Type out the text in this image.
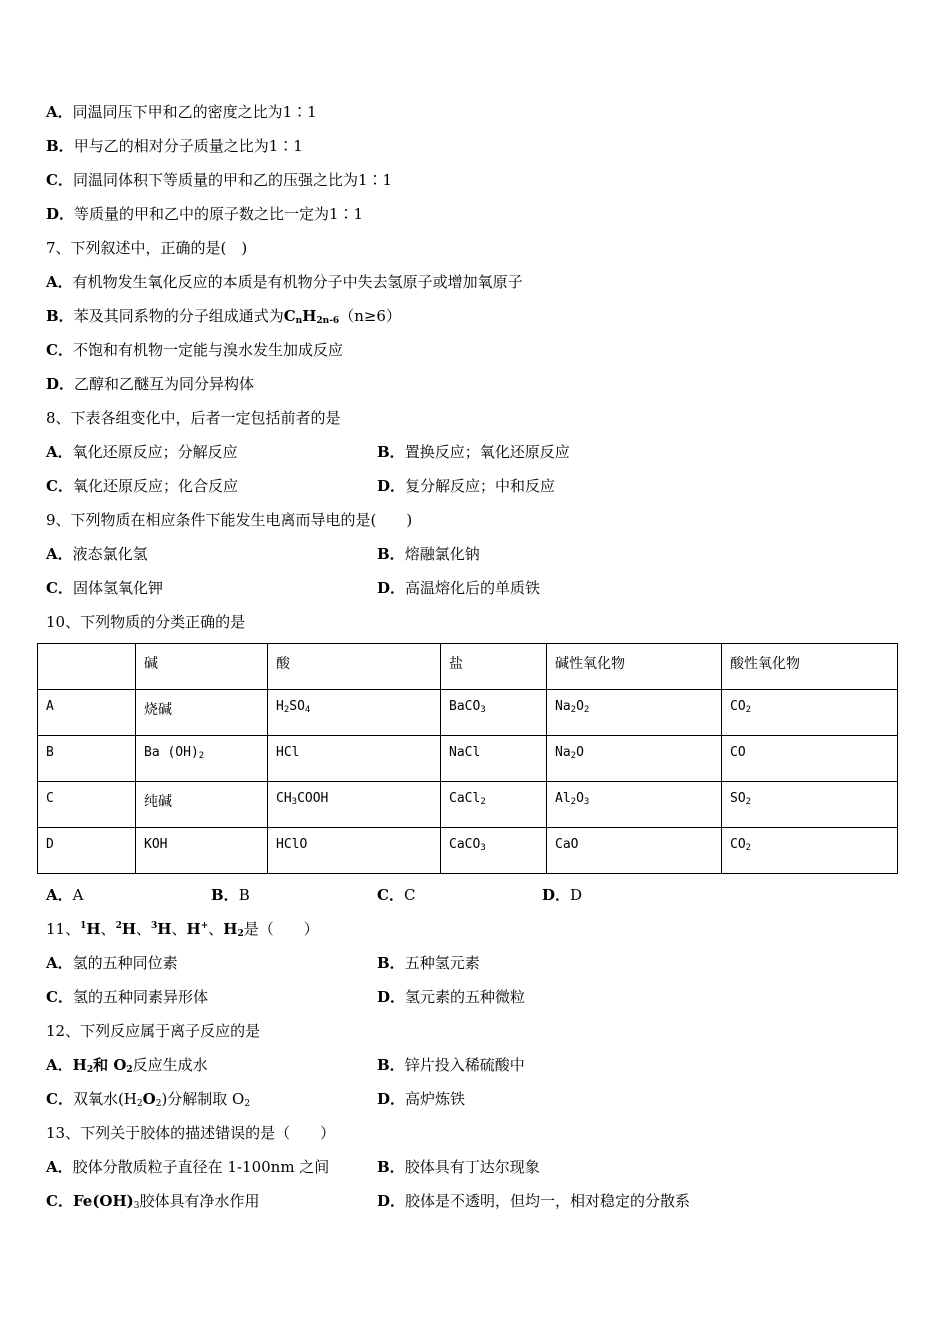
A．同温同压下甲和乙的密度之比为1∶1
B．甲与乙的相对分子质量之比为1∶1
C．同温同体积下等质量的甲和乙的压强之比为1∶1
D．等质量的甲和乙中的原子数之比一定为1∶1
7、下列叙述中，正确的是(　)
A．有机物发生氧化反应的本质是有机物分子中失去氢原子或增加氧原子
B．苯及其同系物的分子组成通式为$C_nH_{2n-6}(n\ge 6)$
C．不饱和有机物一定能与溴水发生加成反应
D．乙醇和乙醚互为同分异构体
8、下表各组变化中，后者一定包括前者的是
A．氧化还原反应；分解反应	B．置换反应；氧化还原反应
C．氧化还原反应；化合反应	D．复分解反应；中和反应
9、下列物质在相应条件下能发生电离而导电的是(　　)
A．液态氯化氢	B．熔融氯化钠
C．固体氢氧化钾	D．高温熔化后的单质铁
10、下列物质的分类正确的是
	碱	酸	盐	碱性氧化物	酸性氧化物
A	烧碱	$H_2SO_4$	BaCO$_3$	$Na_2O_2$	$CO_2$
B	Ba $(OH)_2$	HCl	NaCl	$Na_2O$	CO
C	纯碱	$CH_3COOH$	CaCl$_2$	$Al_2O_3$	$SO_2$
D	KOH	HClO	CaCO$_3$	CaO	$CO_2$
A．A	B．B	C．C	D．D
11、$^1$H、$^2$H、$^3$H、H+、$H_2$是（　　）
A．氢的五种同位素	B．五种氢元素
C．氢的五种同素异形体	D．氢元素的五种微粒
12、下列反应属于离子反应的是
A．$H_2$和 $O_2$反应生成水	B．锌片投入稀硫酸中
C．双氧水$(H_2O_2)$分解制取 $O_2$	D．高炉炼铁
13、下列关于胶体的描述错误的是（　　）
A．胶体分散质粒子直径在 1-100nm 之间	B．胶体具有丁达尔现象
C．$Fe(OH)_3$胶体具有净水作用	D．胶体是不透明，但均一，相对稳定的分散系
